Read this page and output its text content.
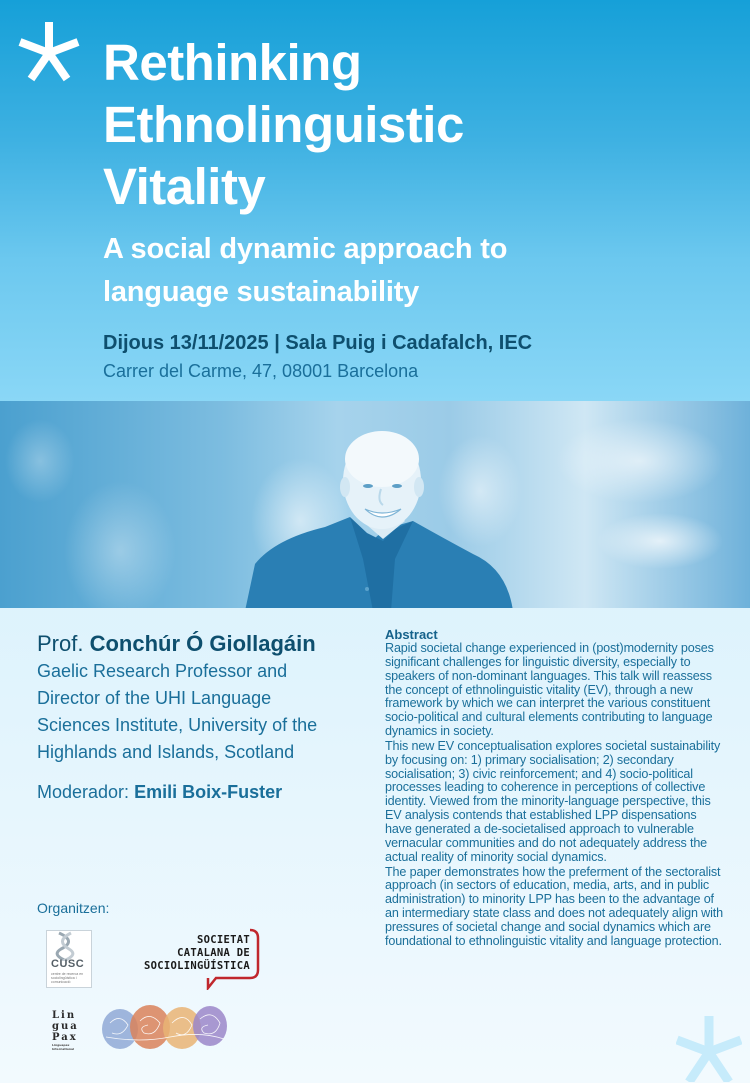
Rethinking
Ethnolinguistic
Vitality
A social dynamic approach to
language sustainability
Dijous 13/11/2025 | Sala Puig i Cadafalch, IEC
Carrer del Carme, 47, 08001 Barcelona
Prof. Conchúr Ó Giollagáin
Gaelic Research Professor and
Director of the UHI Language
Sciences Institute, University of the
Highlands and Islands, Scotland
Moderador: Emili Boix-Fuster
Organitzen:
CUSC
centre de recerca en sociolingüística i comunicació
SOCIETAT
CATALANA DE
SOCIOLINGÜÍSTICA
Lin
gua
Pax
Linguapax International
Abstract

Rapid societal change experienced in (post)modernity poses significant challenges for linguistic diversity, especially to speakers of non-dominant languages. This talk will reassess the concept of ethnolinguistic vitality (EV), through a new framework by which we can interpret the various constituent socio-political and cultural elements contributing to language dynamics in society.

This new EV conceptualisation explores societal sustainability by focusing on: 1) primary socialisation; 2) secondary socialisation; 3) civic reinforcement; and 4) socio-political processes leading to coherence in perceptions of collective identity. Viewed from the minority-language perspective, this EV analysis contends that established LPP dispensations have generated a de-societalised approach to vulnerable vernacular communities and do not adequately address the actual reality of minority social dynamics.

The paper demonstrates how the preferment of the sectoralist approach (in sectors of education, media, arts, and in public administration) to minority LPP has been to the advantage of an intermediary state class and does not adequately align with pressures of societal change and social dynamics which are foundational to ethnolinguistic vitality and language protection.
